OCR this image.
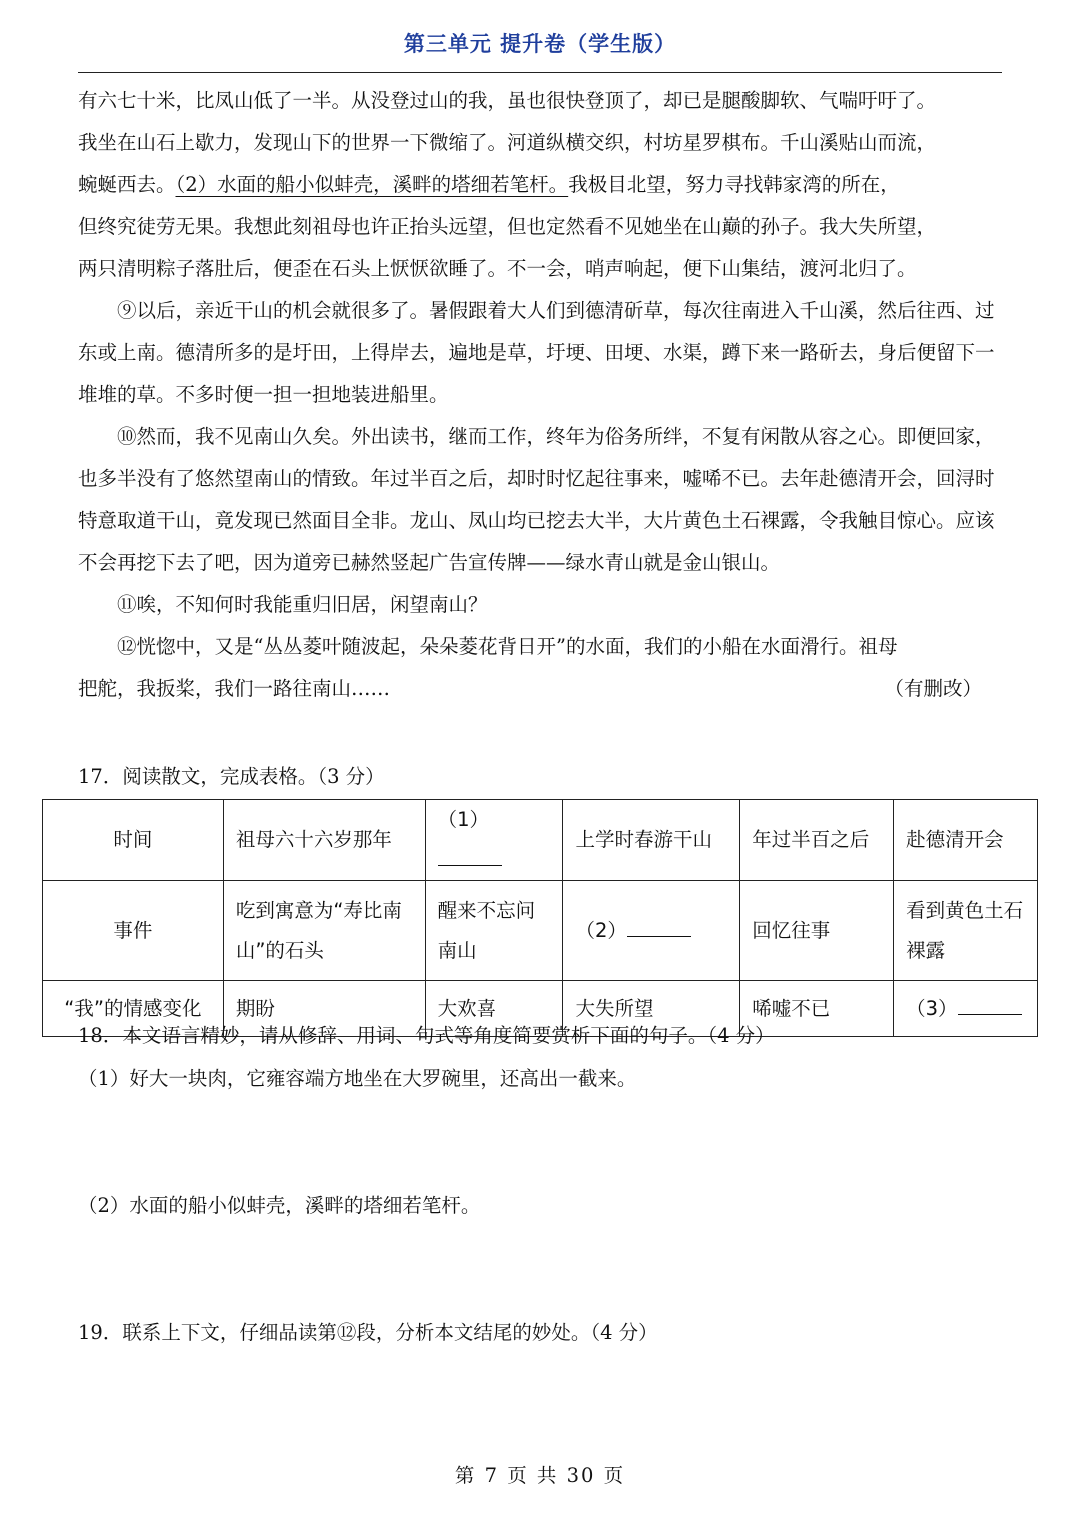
第三单元 提升卷（学生版）

有六七十米，比凤山低了一半。从没登过山的我，虽也很快登顶了，却已是腿酸脚软、气喘吁吁了。

我坐在山石上歇力，发现山下的世界一下微缩了。河道纵横交织，村坊星罗棋布。千山溪贴山而流，

蜿蜒西去。（2）水面的船小似蚌壳，溪畔的塔细若笔杆。我极目北望，努力寻找韩家湾的所在，

但终究徒劳无果。我想此刻祖母也许正抬头远望，但也定然看不见她坐在山巅的孙子。我大失所望，

两只清明粽子落肚后，便歪在石头上恹恹欲睡了。不一会，哨声响起，便下山集结，渡河北归了。

⑨以后，亲近干山的机会就很多了。暑假跟着大人们到德清斫草，每次往南进入千山溪，然后往西、过东或上南。德清所多的是圩田，上得岸去，遍地是草，圩埂、田埂、水渠，蹲下来一路斫去，身后便留下一堆堆的草。不多时便一担一担地装进船里。

⑩然而，我不见南山久矣。外出读书，继而工作，终年为俗务所绊，不复有闲散从容之心。即便回家，也多半没有了悠然望南山的情致。年过半百之后，却时时忆起往事来，嘘唏不已。去年赴德清开会，回浔时特意取道干山，竟发现已然面目全非。龙山、凤山均已挖去大半，大片黄色土石裸露，令我触目惊心。应该不会再挖下去了吧，因为道旁已赫然竖起广告宣传牌——绿水青山就是金山银山。

⑪唉，不知何时我能重归旧居，闲望南山？

⑫恍惚中，又是“丛丛菱叶随波起，朵朵菱花背日开”的水面，我们的小船在水面滑行。祖母

把舵，我扳桨，我们一路往南山……	（有删改）

17．阅读散文，完成表格。（3 分）
时间	祖母六十六岁那年	（1）	上学时春游干山	年过半百之后	赴德清开会
事件	吃到寓意为“寿比南山”的石头	醒来不忘问南山	（2）	回忆往事	看到黄色土石裸露
“我”的情感变化	期盼	大欢喜	大失所望	唏嘘不已	（3）
18．本文语言精妙，请从修辞、用词、句式等角度简要赏析下面的句子。（4 分）
（1）好大一块肉，它雍容端方地坐在大罗碗里，还高出一截来。
（2）水面的船小似蚌壳，溪畔的塔细若笔杆。
19．联系上下文，仔细品读第⑫段，分析本文结尾的妙处。（4 分）
第 7 页 共 30 页
